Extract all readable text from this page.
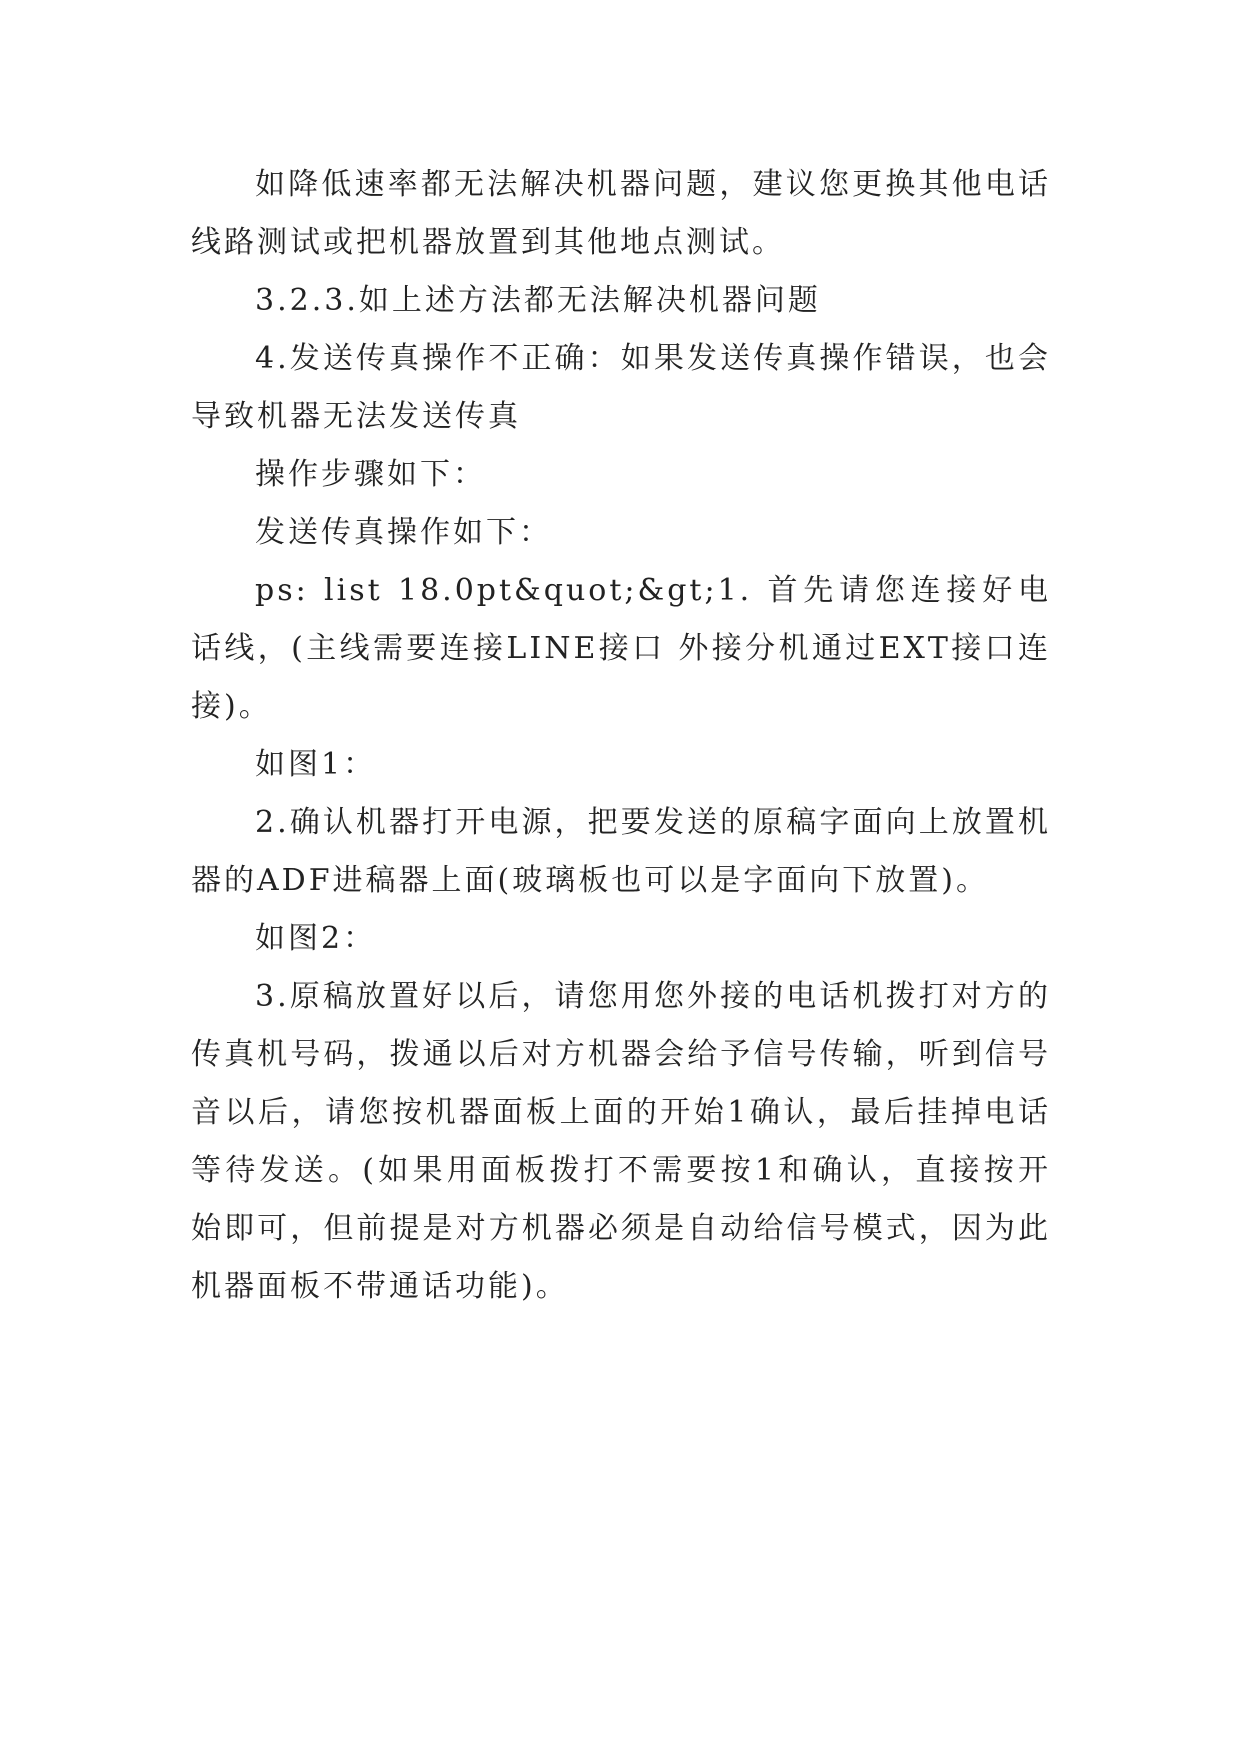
如降低速率都无法解决机器问题，建议您更换其他电话线路测试或把机器放置到其他地点测试。

3.2.3.如上述方法都无法解决机器问题

4.发送传真操作不正确：如果发送传真操作错误，也会导致机器无法发送传真

操作步骤如下：

发送传真操作如下：

ps: list 18.0pt&quot;&gt;1. 首先请您连接好电话线，(主线需要连接LINE接口 外接分机通过EXT接口连接)。

如图1：

2.确认机器打开电源，把要发送的原稿字面向上放置机器的ADF进稿器上面(玻璃板也可以是字面向下放置)。

如图2：

3.原稿放置好以后，请您用您外接的电话机拨打对方的传真机号码，拨通以后对方机器会给予信号传输，听到信号音以后，请您按机器面板上面的开始1确认，最后挂掉电话等待发送。(如果用面板拨打不需要按1和确认，直接按开始即可，但前提是对方机器必须是自动给信号模式，因为此机器面板不带通话功能)。
